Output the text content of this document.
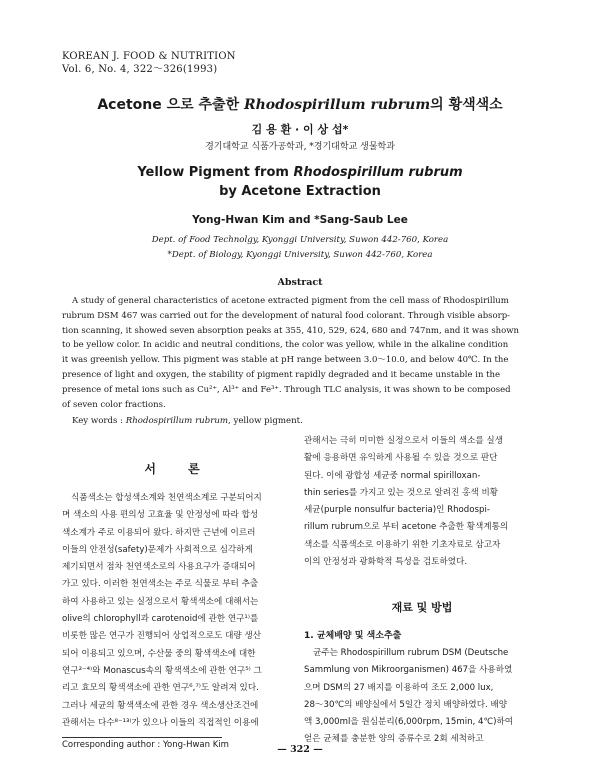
KOREAN J. FOOD & NUTRITION
Vol. 6, No. 4, 322～326(1993)
Acetone 으로 추출한 Rhodospirillum rubrum의 황색색소
김 용 환 · 이 상 섭*
경기대학교 식품가공학과, *경기대학교 생물학과
Yellow Pigment from Rhodospirillum rubrum
by Acetone Extraction
Yong-Hwan Kim and *Sang-Saub Lee
Dept. of Food Technolgy, Kyonggi University, Suwon 442-760, Korea
*Dept. of Biology, Kyonggi University, Suwon 442-760, Korea
Abstract
A study of general characteristics of acetone extracted pigment from the cell mass of Rhodospirillum
rubrum DSM 467 was carried out for the development of natural food colorant. Through visible absorp-
tion scanning, it showed seven absorption peaks at 355, 410, 529, 624, 680 and 747nm, and it was shown
to be yellow color. In acidic and neutral conditions, the color was yellow, while in the alkaline condition
it was greenish yellow. This pigment was stable at pH range between 3.0～10.0, and below 40℃. In the
presence of light and oxygen, the stability of pigment rapidly degraded and it became unstable in the
presence of metal ions such as Cu²⁺, Al³⁺ and Fe³⁺. Through TLC analysis, it was shown to be composed
of seven color fractions.
Key words : Rhodospirillum rubrum, yellow pigment.
서 론
식품색소는 합성색소계와 천연색소계로 구분되어지
며 색소의 사용 편의성 고효율 및 안정성에 따라 합성
색소계가 주로 이용되어 왔다. 하지만 근년에 이르러
이들의 안전성(safety)문제가 사회적으로 심각하게
제기되면서 점차 천연색소로의 사용요구가 증대되어
가고 있다. 이러한 천연색소는 주로 식물로 부터 추출
하여 사용하고 있는 실정으로서 황색색소에 대해서는
olive의 chlorophyll과 carotenoid에 관한 연구¹⁾를
비롯한 많은 연구가 진행되어 상업적으로도 대량 생산
되어 이용되고 있으며, 수산물 중의 황색색소에 대한
연구²⁻⁴⁾와 Monascus속의 황색색소에 관한 연구⁵⁾ 그
리고 효모의 황색색소에 관한 연구⁶,⁷⁾도 알려져 있다.
그러나 세균의 황색색소에 관한 경우 색소생산조건에
관해서는 다수⁸⁻¹³⁾가 있으나 이들의 직접적인 이용에
관해서는 극히 미미한 실정으로서 이들의 색소를 실생
활에 응용하면 유익하게 사용될 수 있을 것으로 판단
된다. 이에 광합성 세균중 normal spirilloxan-
thin series를 가지고 있는 것으로 알려진 홍색 비황
세균(purple nonsulfur bacteria)인 Rhodospi-
rillum rubrum으로 부터 acetone 추출한 황색계통의
색소를 식품색소로 이용하기 위한 기초자료로 삼고자
이의 안정성과 광화학적 특성을 검토하였다.
재료 및 방법
1. 균체배양 및 색소추출
균주는 Rhodospirillum rubrum DSM (Deutsche
Sammlung von Mikroorganismen) 467을 사용하였
으며 DSM의 27 배지를 이용하여 조도 2,000 lux,
28～30℃의 배양실에서 5일간 정치 배양하였다. 배양
액 3,000ml을 원심분리(6,000rpm, 15min, 4℃)하여
얻은 균체를 충분한 양의 증류수로 2회 세척하고
Corresponding author : Yong-Hwan Kim	— 322 —
